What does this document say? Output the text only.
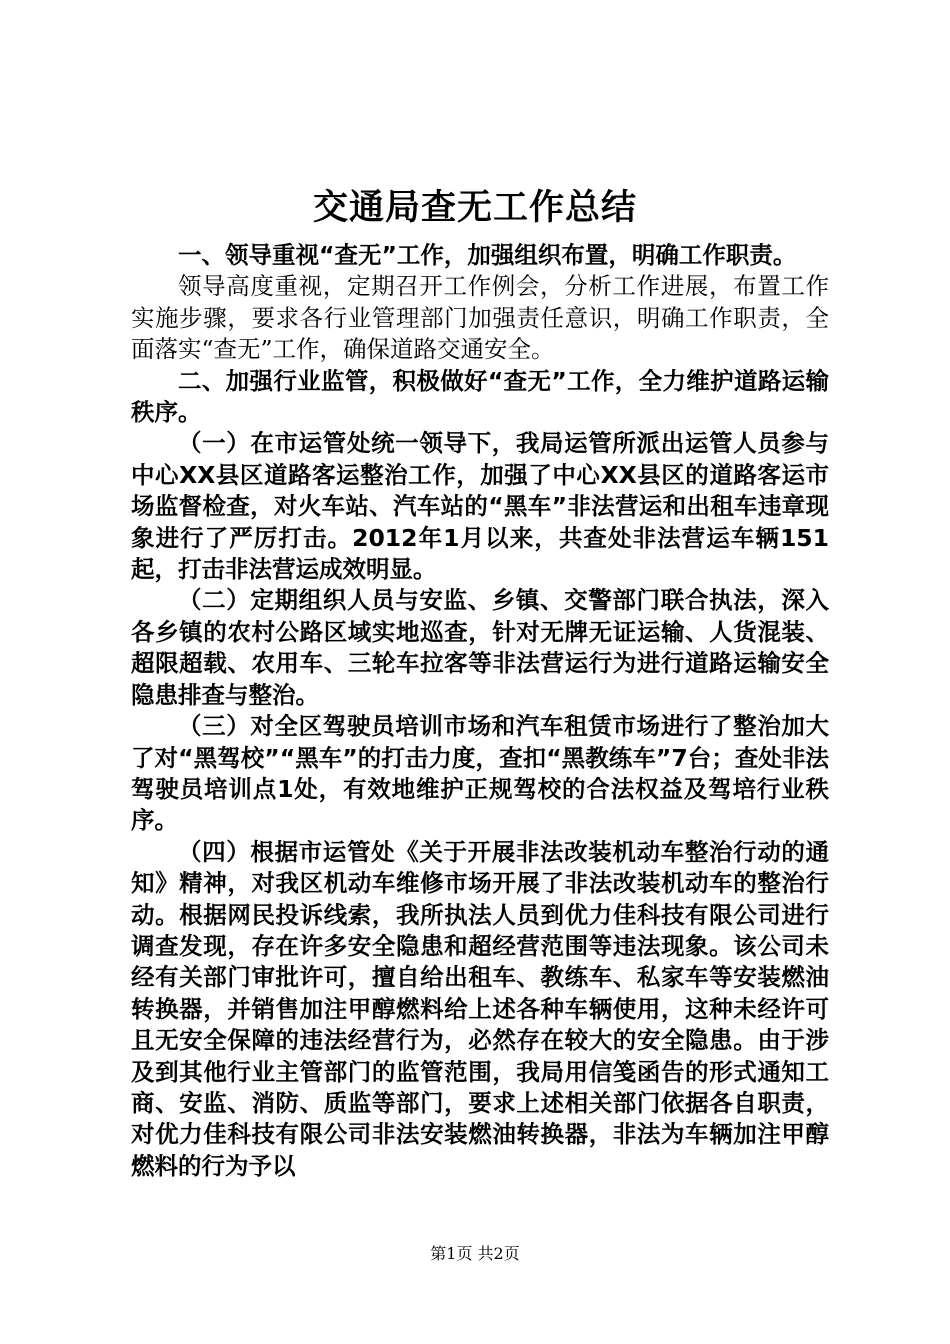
交通局查无工作总结

一、领导重视“查无”工作，加强组织布置，明确工作职责。

领导高度重视，定期召开工作例会，分析工作进展，布置工作实施步骤，要求各行业管理部门加强责任意识，明确工作职责，全面落实“查无”工作，确保道路交通安全。

二、加强行业监管，积极做好“查无”工作，全力维护道路运输秩序。

（一）在市运管处统一领导下，我局运管所派出运管人员参与中心XX县区道路客运整治工作，加强了中心XX县区的道路客运市场监督检查，对火车站、汽车站的“黑车”非法营运和出租车违章现象进行了严厉打击。2012年1月以来，共查处非法营运车辆151起，打击非法营运成效明显。

（二）定期组织人员与安监、乡镇、交警部门联合执法，深入各乡镇的农村公路区域实地巡查，针对无牌无证运输、人货混装、超限超载、农用车、三轮车拉客等非法营运行为进行道路运输安全隐患排查与整治。

（三）对全区驾驶员培训市场和汽车租赁市场进行了整治加大了对“黑驾校”“黑车”的打击力度，查扣“黑教练车”7台；查处非法驾驶员培训点1处，有效地维护正规驾校的合法权益及驾培行业秩序。

（四）根据市运管处《关于开展非法改装机动车整治行动的通知》精神，对我区机动车维修市场开展了非法改装机动车的整治行动。根据网民投诉线索，我所执法人员到优力佳科技有限公司进行调查发现，存在许多安全隐患和超经营范围等违法现象。该公司未经有关部门审批许可，擅自给出租车、教练车、私家车等安装燃油转换器，并销售加注甲醇燃料给上述各种车辆使用，这种未经许可且无安全保障的违法经营行为，必然存在较大的安全隐患。由于涉及到其他行业主管部门的监管范围，我局用信笺函告的形式通知工商、安监、消防、质监等部门，要求上述相关部门依据各自职责，对优力佳科技有限公司非法安装燃油转换器，非法为车辆加注甲醇燃料的行为予以

第1页 共2页
